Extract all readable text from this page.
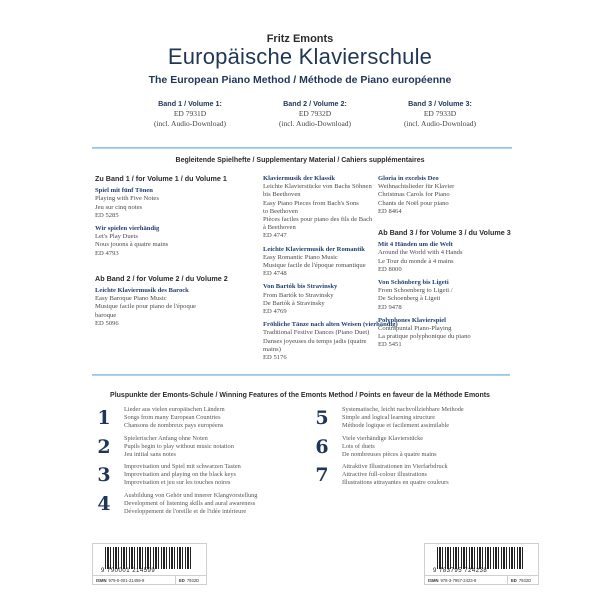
Fritz Emonts
Europäische Klavierschule
The European Piano Method / Méthode de Piano européenne
Band 1 / Volume 1:
ED 7931D
(incl. Audio-Download)
Band 2 / Volume 2:
ED 7932D
(incl. Audio-Download)
Band 3 / Volume 3:
ED 7933D
(incl. Audio-Download)
Begleitende Spielhefte / Supplementary Material / Cahiers supplémentaires
Zu Band 1 / for Volume 1 / du Volume 1
Spiel mit fünf Tönen
Playing with Five Notes
Jeu sur cinq notes
ED 5285
Wir spielen vierhändig
Let's Play Duets
Nous jouons à quatre mains
ED 4793
Ab Band 2 / for Volume 2 / du Volume 2
Leichte Klaviermusik des Barock
Easy Baroque Piano Music
Musique facile pour piano de l'époque
baroque
ED 5096
Klaviermusik der Klassik
Leichte Klavierstücke von Bachs Söhnen
bis Beethoven
Easy Piano Pieces from Bach's Sons
to Beethoven
Pièces faciles pour piano des fils de Bach
à Beethoven
ED 4747
Leichte Klaviermusik der Romantik
Easy Romantic Piano Music
Musique facile de l'époque romantique
ED 4748
Von Bartók bis Stravinsky
From Bartók to Stravinsky
De Bartók à Stravinsky
ED 4769
Fröhliche Tänze nach alten Weisen (vierhändig)
Traditional Festive Dances (Piano Duet)
Danses joyeuses du temps jadis (quatre
mains)
ED 5176
Gloria in excelsis Deo
Weihnachtslieder für Klavier
Christmas Carols for Piano
Chants de Noël pour piano
ED 8464
Ab Band 3 / for Volume 3 / du Volume 3
Mit 4 Händen um die Welt
Around the World with 4 Hands
Le Tour du monde à 4 mains
ED 8000
Von Schönberg bis Ligeti
From Schoenberg to Ligeti /
De Schoenberg à Ligeti
ED 9478
Polyphones Klavierspiel
Contrapuntal Piano-Playing
La pratique polyphonique du piano
ED 5451
Pluspunkte der Emonts-Schule / Winning Features of the Emonts Method / Points en faveur de la Méthode Emonts
1	Lieder aus vielen europäischen Ländern
Songs from many European Countries
Chansons de nombreux pays européens
2	Spielerischer Anfang ohne Noten
Pupils begin to play without music notation
Jeu initial sans notes
3	Improvisation und Spiel mit schwarzen Tasten
Improvisation and playing on the black keys
Improvisation et jeu sur les touches noires
4	Ausbildung von Gehör und innerer Klangvorstellung
Development of listening skills and aural awareness
Développement de l'oreille et de l'idée intérieure
5	Systematische, leicht nachvollziehbare Methode
Simple and logical learning structure
Méthode logique et facilement assimilable
6	Viele vierhändige Klavierstücke
Lots of duets
De nombreuses pièces à quatre mains
7	Attraktive Illustrationen im Vierfarbdruck
Attractive full-colour illustrations
Illustrations attrayantes en quatre couleurs
9 790001 214599
ISMN 979-0-001-21459-9	ED 7932D
9 783795 724238
ISMN 978-3-7957-2423-8	ED 7932D
